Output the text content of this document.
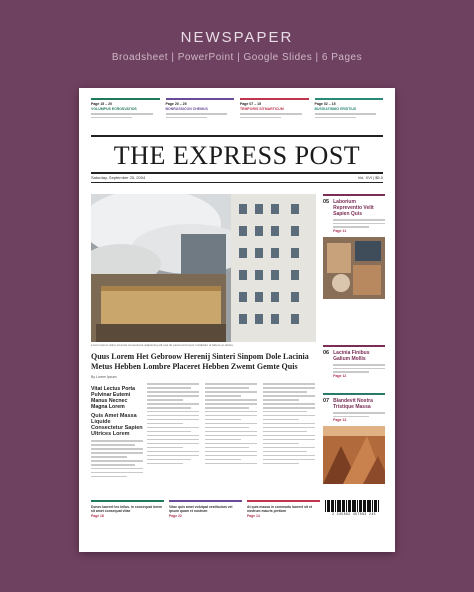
NEWSPAPER
Broadsheet | PowerPoint | Google Slides | 6 Pages
Page 15 – 20
VOLUMPUS ECROSVATIOS
Page 20 – 25
BONRUSSICON CHEMUS
Page 07 – 15
TEMPORIS SITMARTICUM
Page 02 – 15
BUSSIATIMMO ERSITIUS
THE EXPRESS POST
Saturday, September 25, 2004	Vol. XVI | $5.0
Lorem ipsum dolor sit amet consectetur adipiscing elit sed do eiusmod tempor incididunt ut labore et dolore
Quus Lorem Het Gebroow Herenij Sinteri Sinpom Dole Lacinia Metus Hebben Lombre Placeret Hebben Zwemt Gemte Quis
By Lorem Ipsum
Vitat Lectus Porta Pulvinar Eutemi Manus Necnec Magna Lorem
Quis Amet Massa Liquide Consectetur Sapien Ultrices Lorem
05 Laborium Repreventio Velit Sapien Quis
Page 11
06 Lacinia Finibus Galium Mollis
Page 12
07 Blandevit Nostra Tristique Massa
Page 13
Donec laoreet leo tellus. In consequat lorem sit amet consequat vitae
Page 18
Vitae quis amet volutpat vestibulum vel ipsum quam et nostrum
Page 22
At quis massa in commodo laoreet sit et nostrum mauris pretium
Page 14	2 345892 457093 245
